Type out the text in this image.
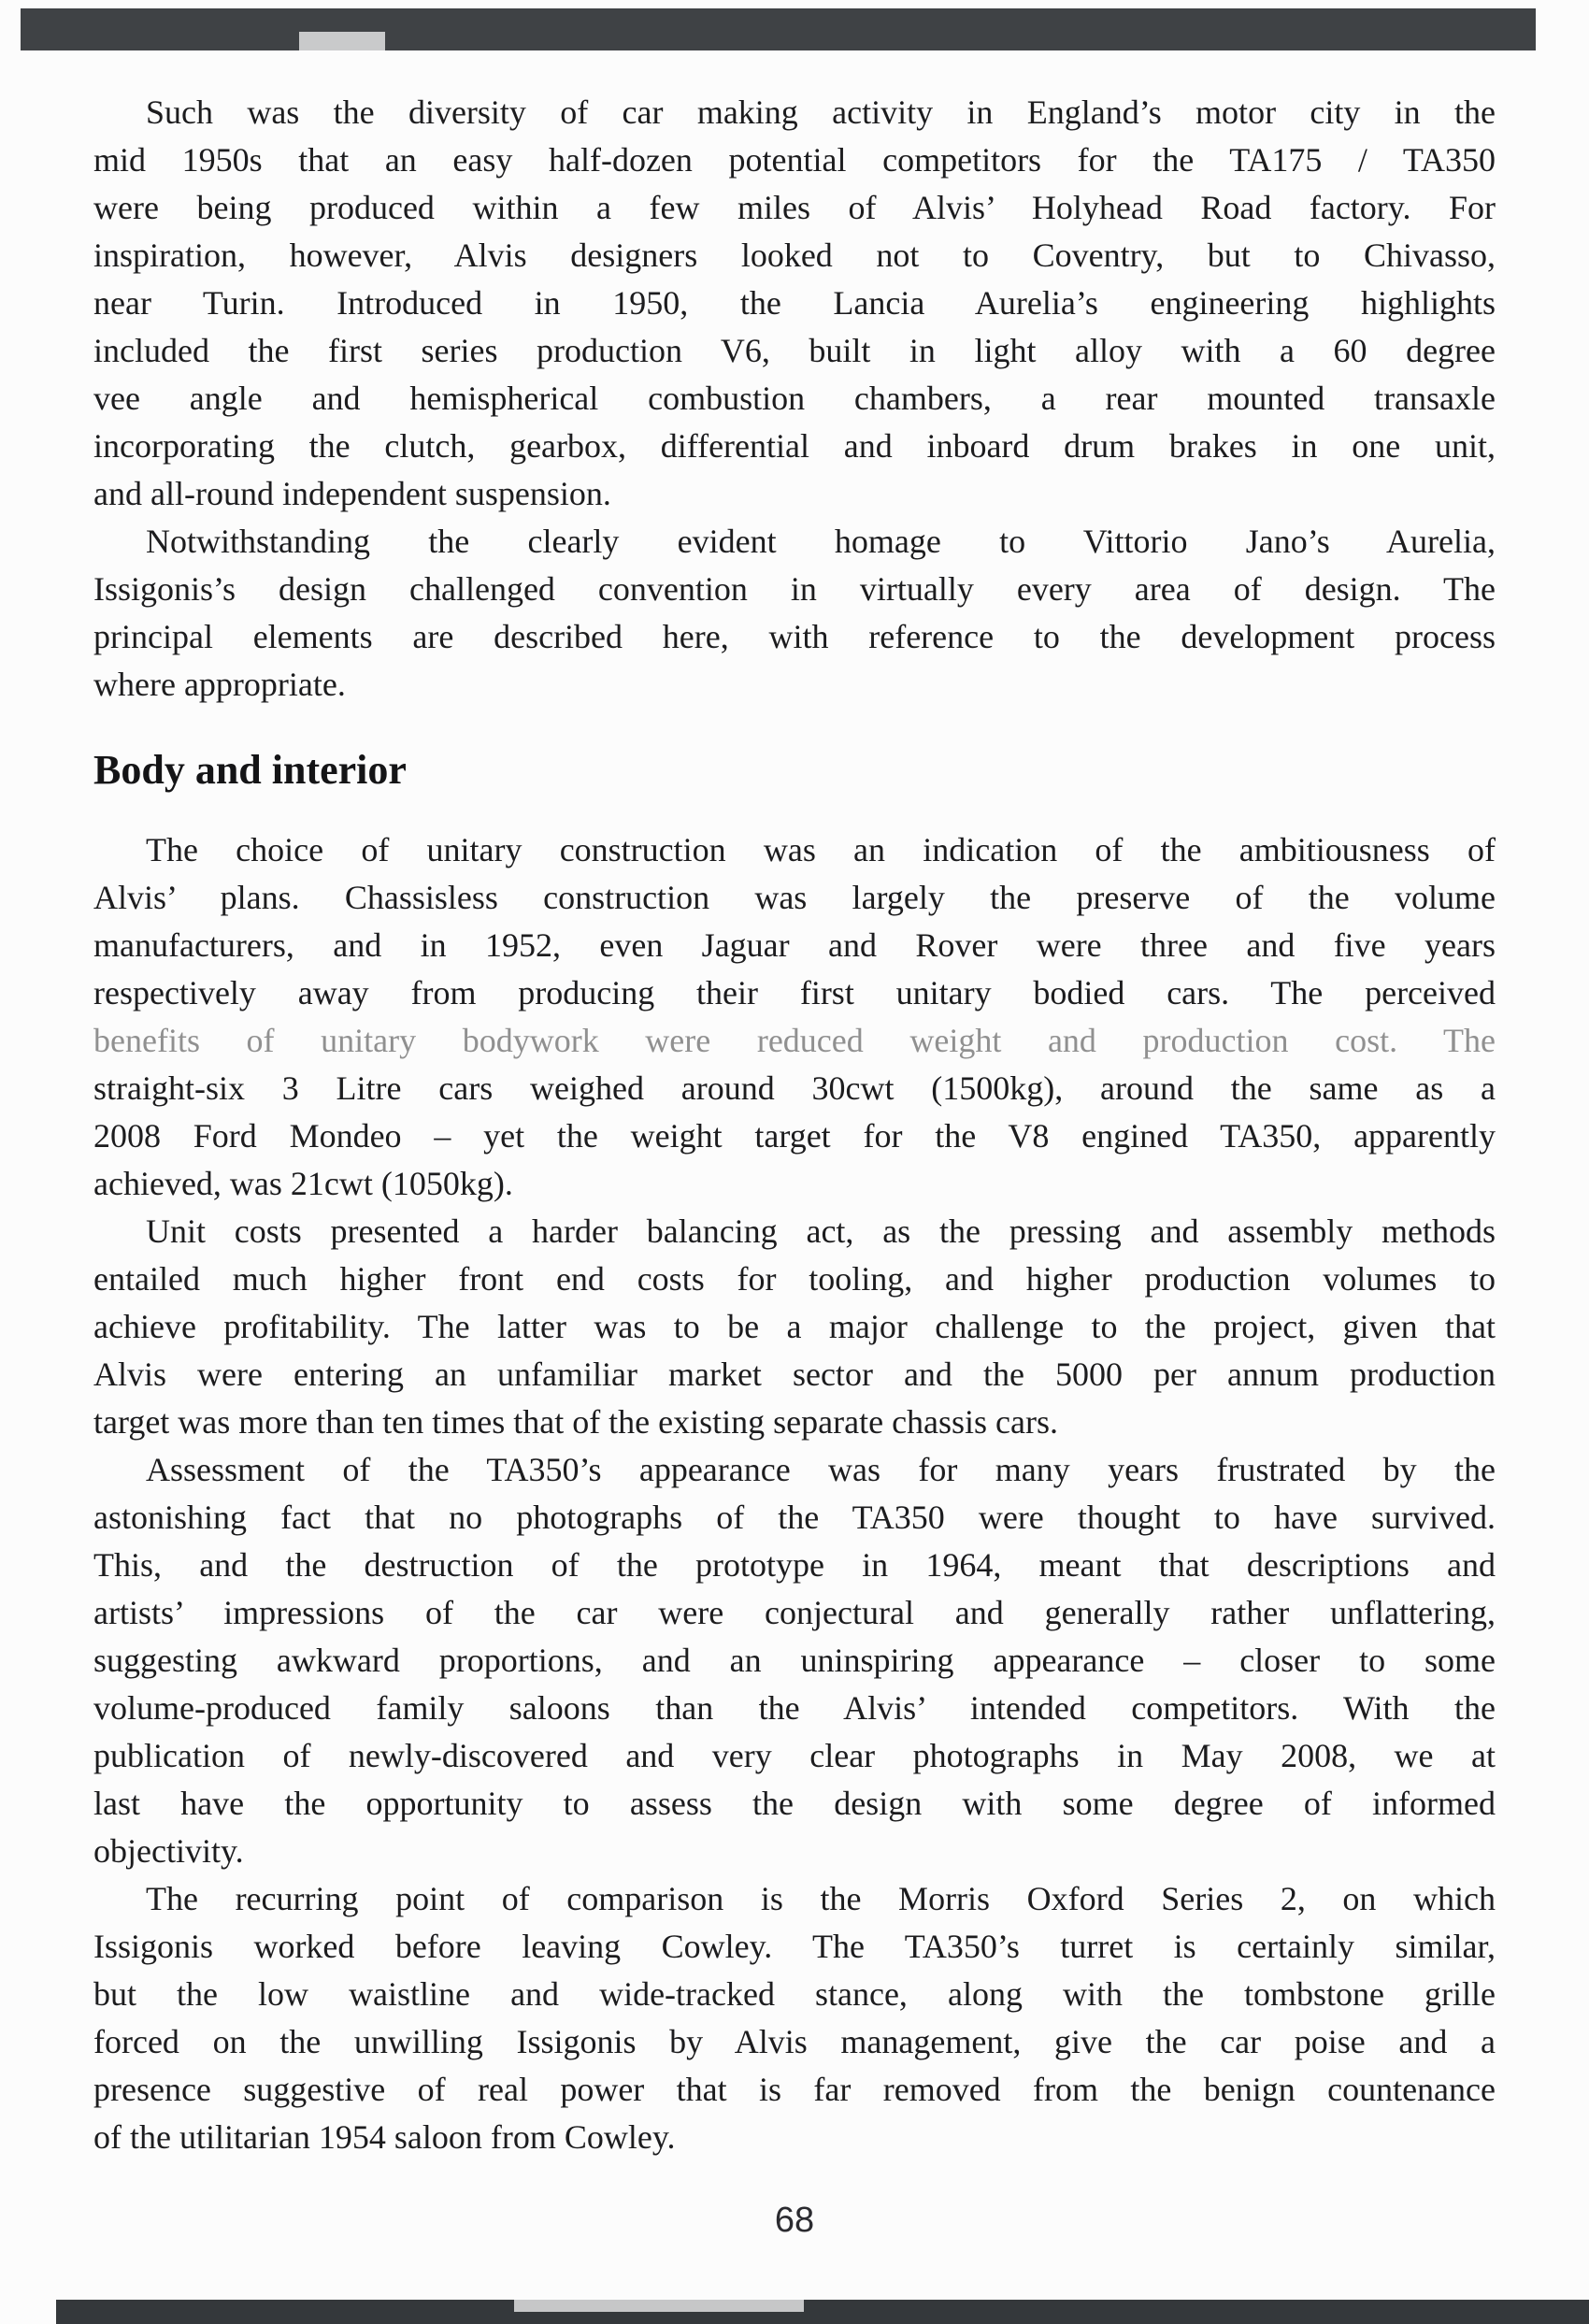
Such was the diversity of car making activity in England’s motor city in the
mid 1950s that an easy half-dozen potential competitors for the TA175 / TA350
were being produced within a few miles of Alvis’ Holyhead Road factory. For
inspiration, however, Alvis designers looked not to Coventry, but to Chivasso,
near Turin. Introduced in 1950, the Lancia Aurelia’s engineering highlights
included the first series production V6, built in light alloy with a 60 degree
vee angle and hemispherical combustion chambers, a rear mounted transaxle
incorporating the clutch, gearbox, differential and inboard drum brakes in one unit,
and all-round independent suspension.

Notwithstanding the clearly evident homage to Vittorio Jano’s Aurelia,
Issigonis’s design challenged convention in virtually every area of design. The
principal elements are described here, with reference to the development process
where appropriate.

Body and interior

The choice of unitary construction was an indication of the ambitiousness of
Alvis’ plans. Chassisless construction was largely the preserve of the volume
manufacturers, and in 1952, even Jaguar and Rover were three and five years
respectively away from producing their first unitary bodied cars. The perceived
benefits of unitary bodywork were reduced weight and production cost. The
straight-six 3 Litre cars weighed around 30cwt (1500kg), around the same as a
2008 Ford Mondeo – yet the weight target for the V8 engined TA350, apparently
achieved, was 21cwt (1050kg).

Unit costs presented a harder balancing act, as the pressing and assembly methods
entailed much higher front end costs for tooling, and higher production volumes to
achieve profitability. The latter was to be a major challenge to the project, given that
Alvis were entering an unfamiliar market sector and the 5000 per annum production
target was more than ten times that of the existing separate chassis cars.

Assessment of the TA350’s appearance was for many years frustrated by the
astonishing fact that no photographs of the TA350 were thought to have survived.
This, and the destruction of the prototype in 1964, meant that descriptions and
artists’ impressions of the car were conjectural and generally rather unflattering,
suggesting awkward proportions, and an uninspiring appearance – closer to some
volume-produced family saloons than the Alvis’ intended competitors. With the
publication of newly-discovered and very clear photographs in May 2008, we at
last have the opportunity to assess the design with some degree of informed
objectivity.

The recurring point of comparison is the Morris Oxford Series 2, on which
Issigonis worked before leaving Cowley. The TA350’s turret is certainly similar,
but the low waistline and wide-tracked stance, along with the tombstone grille
forced on the unwilling Issigonis by Alvis management, give the car poise and a
presence suggestive of real power that is far removed from the benign countenance
of the utilitarian 1954 saloon from Cowley.

68
